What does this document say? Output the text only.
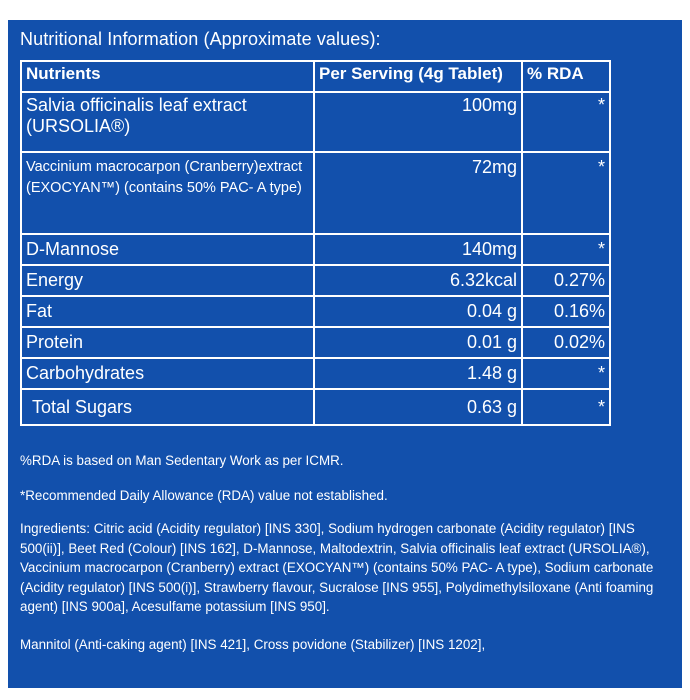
Nutritional Information (Approximate values):
Nutrients	Per Serving (4g Tablet)	% RDA
Salvia officinalis leaf extract (URSOLIA®)	100mg	*
Vaccinium macrocarpon (Cranberry)extract (EXOCYAN™) (contains 50% PAC- A type)	72mg	*
D-Mannose	140mg	*
Energy	6.32kcal	0.27%
Fat	0.04 g	0.16%
Protein	0.01 g	0.02%
Carbohydrates	1.48 g	*
Total Sugars	0.63 g	*
%RDA is based on Man Sedentary Work as per ICMR.
*Recommended Daily Allowance (RDA) value not established.
Ingredients: Citric acid (Acidity regulator) [INS 330], Sodium hydrogen carbonate (Acidity regulator) [INS 500(ii)], Beet Red (Colour) [INS 162], D-Mannose, Maltodextrin, Salvia officinalis leaf extract (URSOLIA®), Vaccinium macrocarpon (Cranberry) extract (EXOCYAN™) (contains 50% PAC- A type), Sodium carbonate (Acidity regulator) [INS 500(i)], Strawberry flavour, Sucralose [INS 955], Polydimethylsiloxane (Anti foaming agent) [INS 900a], Acesulfame potassium [INS 950].
Mannitol (Anti-caking agent) [INS 421], Cross povidone (Stabilizer) [INS 1202],
